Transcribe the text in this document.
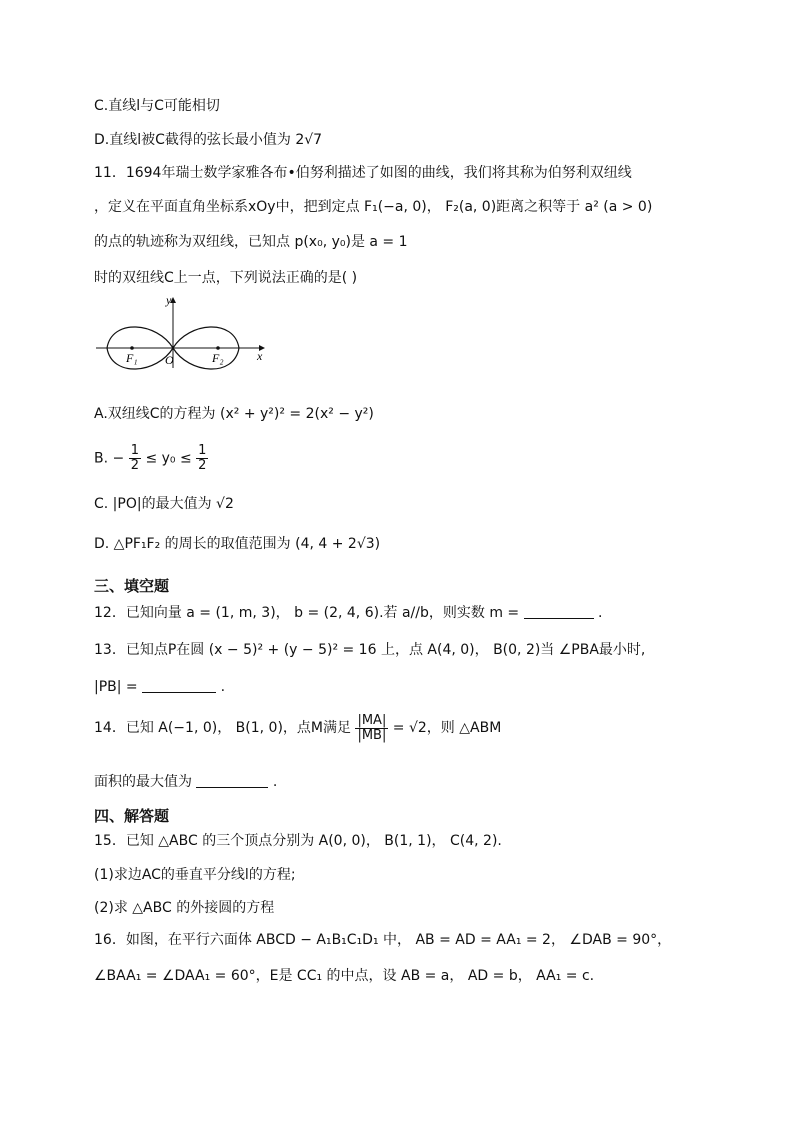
C.直线l与C可能相切
D.直线l被C截得的弦长最小值为 2√7
11．1694年瑞士数学家雅各布•伯努利描述了如图的曲线，我们将其称为伯努利双纽线
，定义在平面直角坐标系xOy中，把到定点 F₁(−a, 0)， F₂(a, 0)距离之积等于 a² (a > 0)
的点的轨迹称为双纽线，已知点 p(x₀, y₀)是 a = 1
时的双纽线C上一点，下列说法正确的是( )
y
x
O
F₁	F₂
A.双纽线C的方程为 (x² + y²)² = 2(x² − y²)
B. − $\frac{1}{2} \le y_0 \le \frac{1}{2}$
C. |PO|的最大值为 √2
D. △PF₁F₂ 的周长的取值范围为 (4, 4 + 2√3)
三、填空题
12．已知向量 a = (1, m, 3)， b = (2, 4, 6).若 a//b，则实数 m =	.
13．已知点P在圆 (x − 5)² + (y − 5)² = 16 上，点 A(4, 0)， B(0, 2)当 ∠PBA最小时,
|PB| =	.
14．已知 A(−1, 0)， B(1, 0)，点M满足 $\frac{|MA|}{|MB|} = √2$，则 △ABM
面积的最大值为	.
四、解答题
15．已知 △ABC 的三个顶点分别为 A(0, 0)， B(1, 1)， C(4, 2).
(1)求边AC的垂直平分线l的方程;
(2)求 △ABC 的外接圆的方程
16．如图，在平行六面体 ABCD − A₁B₁C₁D₁ 中， AB = AD = AA₁ = 2， ∠DAB = 90°，
∠BAA₁ = ∠DAA₁ = 60°，E是 CC₁ 的中点，设 AB = a， AD = b， AA₁ = c.
